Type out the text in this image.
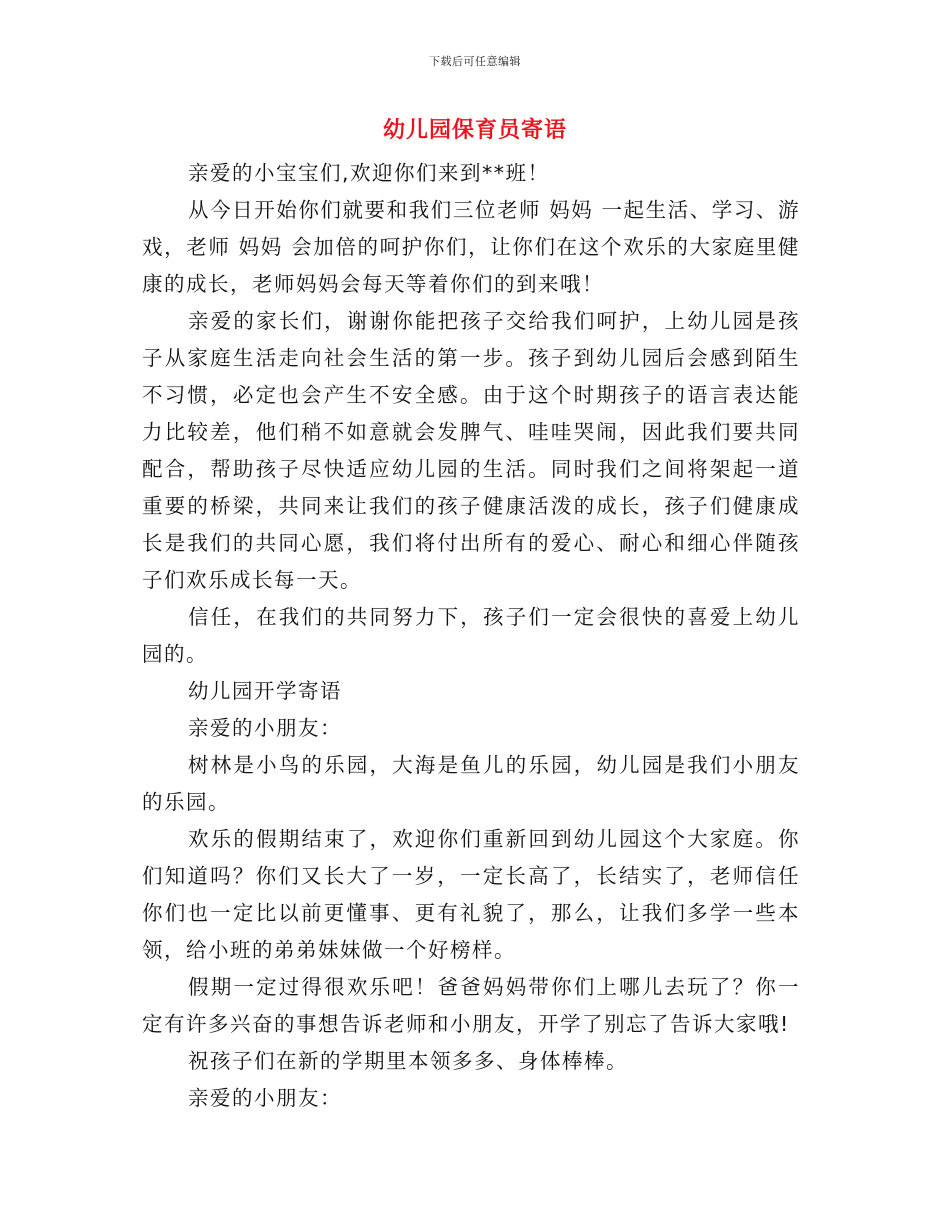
下载后可任意编辑
幼儿园保育员寄语

亲爱的小宝宝们,欢迎你们来到**班！

从今日开始你们就要和我们三位老师 妈妈 一起生活、学习、游戏，老师 妈妈 会加倍的呵护你们，让你们在这个欢乐的大家庭里健康的成长，老师妈妈会每天等着你们的到来哦！

亲爱的家长们，谢谢你能把孩子交给我们呵护，上幼儿园是孩子从家庭生活走向社会生活的第一步。孩子到幼儿园后会感到陌生不习惯，必定也会产生不安全感。由于这个时期孩子的语言表达能力比较差，他们稍不如意就会发脾气、哇哇哭闹，因此我们要共同配合，帮助孩子尽快适应幼儿园的生活。同时我们之间将架起一道重要的桥梁，共同来让我们的孩子健康活泼的成长，孩子们健康成长是我们的共同心愿，我们将付出所有的爱心、耐心和细心伴随孩子们欢乐成长每一天。

信任，在我们的共同努力下，孩子们一定会很快的喜爱上幼儿园的。

幼儿园开学寄语

亲爱的小朋友：

树林是小鸟的乐园，大海是鱼儿的乐园，幼儿园是我们小朋友的乐园。

欢乐的假期结束了，欢迎你们重新回到幼儿园这个大家庭。你们知道吗？你们又长大了一岁，一定长高了，长结实了，老师信任你们也一定比以前更懂事、更有礼貌了，那么，让我们多学一些本领，给小班的弟弟妹妹做一个好榜样。

假期一定过得很欢乐吧！爸爸妈妈带你们上哪儿去玩了？你一定有许多兴奋的事想告诉老师和小朋友，开学了别忘了告诉大家哦!

祝孩子们在新的学期里本领多多、身体棒棒。

亲爱的小朋友：
